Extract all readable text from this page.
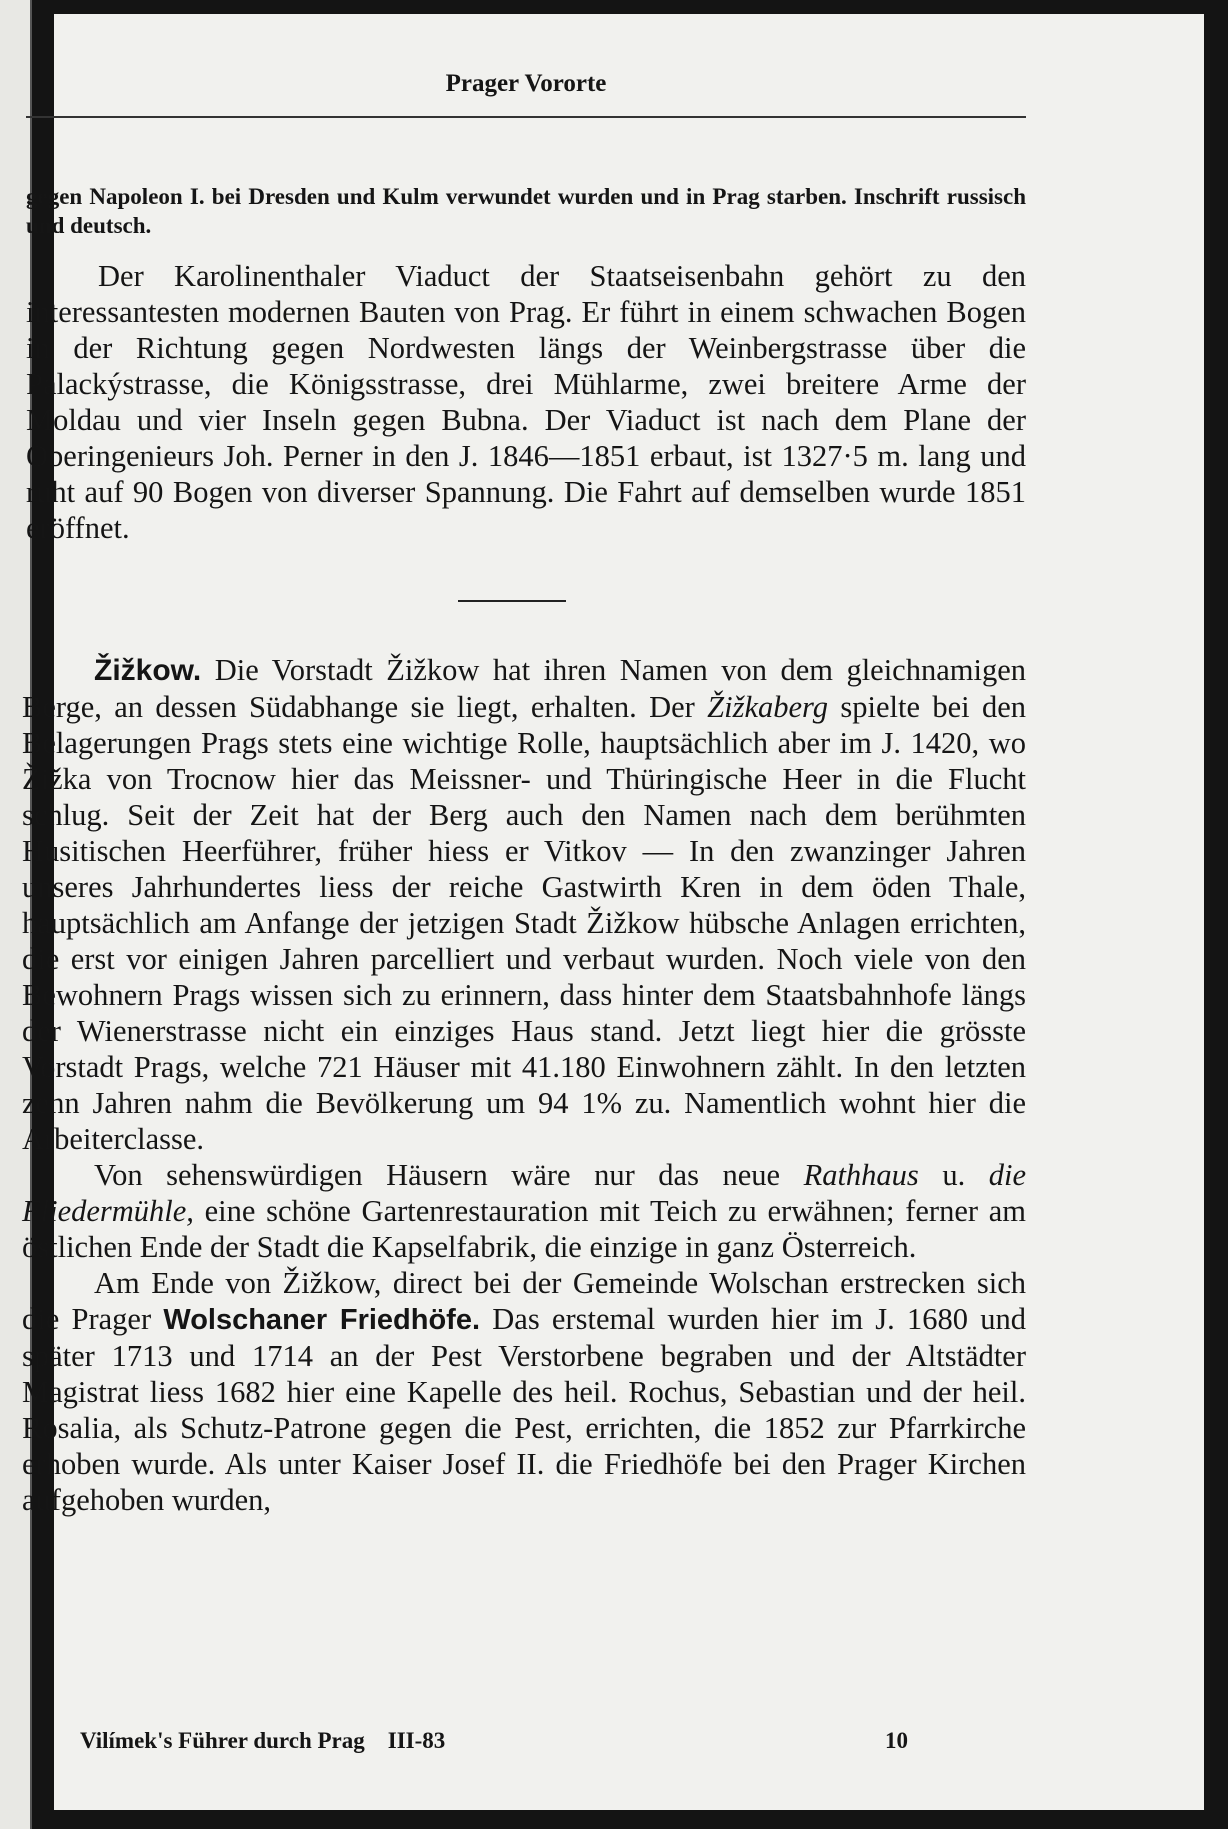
Prager Vororte
gegen Napoleon I. bei Dresden und Kulm verwundet wurden und in Prag starben. Inschrift russisch und deutsch.

Der Karolinenthaler Viaduct der Staatseisenbahn gehört zu den interessantesten modernen Bauten von Prag. Er führt in einem schwachen Bogen in der Richtung gegen Nordwesten längs der Weinbergstrasse über die Palackýstrasse, die Königsstrasse, drei Mühlarme, zwei breitere Arme der Moldau und vier Inseln gegen Bubna. Der Viaduct ist nach dem Plane der Oberingenieurs Joh. Perner in den J. 1846—1851 erbaut, ist 1327·5 m. lang und ruht auf 90 Bogen von diverser Spannung. Die Fahrt auf demselben wurde 1851 eröffnet.

Žižkow. Die Vorstadt Žižkow hat ihren Namen von dem gleichnamigen Berge, an dessen Südabhange sie liegt, erhalten. Der Žižkaberg spielte bei den Belagerungen Prags stets eine wichtige Rolle, hauptsächlich aber im J. 1420, wo Žižka von Trocnow hier das Meissner- und Thüringische Heer in die Flucht schlug. Seit der Zeit hat der Berg auch den Namen nach dem berühmten Husitischen Heerführer, früher hiess er Vitkov — In den zwanzinger Jahren unseres Jahrhundertes liess der reiche Gastwirth Kren in dem öden Thale, hauptsächlich am Anfange der jetzigen Stadt Žižkow hübsche Anlagen errichten, die erst vor einigen Jahren parcelliert und verbaut wurden. Noch viele von den Bewohnern Prags wissen sich zu erinnern, dass hinter dem Staatsbahnhofe längs der Wienerstrasse nicht ein einziges Haus stand. Jetzt liegt hier die grösste Vorstadt Prags, welche 721 Häuser mit 41.180 Einwohnern zählt. In den letzten zehn Jahren nahm die Bevölkerung um 94 1% zu. Namentlich wohnt hier die Arbeiterclasse.

Von sehenswürdigen Häusern wäre nur das neue Rathhaus u. die Fliedermühle, eine schöne Gartenrestauration mit Teich zu erwähnen; ferner am östlichen Ende der Stadt die Kapselfabrik, die einzige in ganz Österreich.

Am Ende von Žižkow, direct bei der Gemeinde Wolschan erstrecken sich die Prager Wolschaner Friedhöfe. Das erstemal wurden hier im J. 1680 und später 1713 und 1714 an der Pest Verstorbene begraben und der Altstädter Magistrat liess 1682 hier eine Kapelle des heil. Rochus, Sebastian und der heil. Rosalia, als Schutz-Patrone gegen die Pest, errichten, die 1852 zur Pfarrkirche erhoben wurde. Als unter Kaiser Josef II. die Friedhöfe bei den Prager Kirchen aufgehoben wurden,

Vilímek's Führer durch Prag    III-83	10
